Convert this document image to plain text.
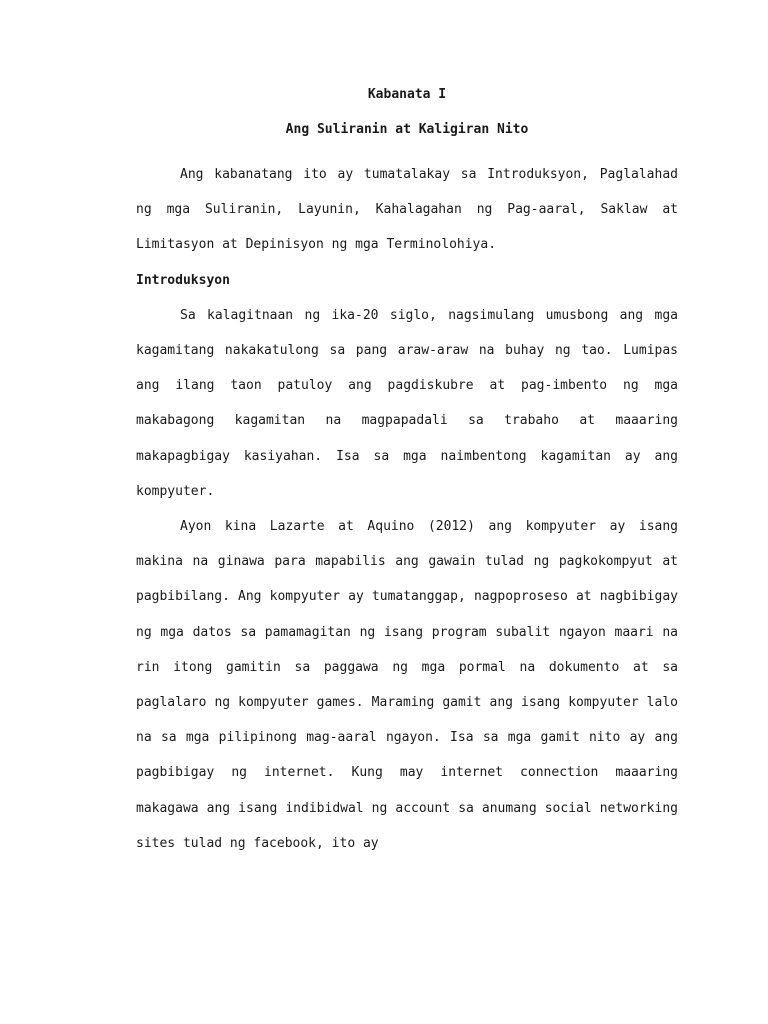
Kabanata I

Ang Suliranin at Kaligiran Nito

Ang kabanatang ito ay tumatalakay sa Introduksyon, Paglalahad ng mga Suliranin, Layunin, Kahalagahan ng Pag-aaral, Saklaw at Limitasyon at Depinisyon ng mga Terminolohiya.

Introduksyon

Sa kalagitnaan ng ika-20 siglo, nagsimulang umusbong ang mga kagamitang nakakatulong sa pang araw-araw na buhay ng tao. Lumipas ang ilang taon patuloy ang pagdiskubre at pag-imbento ng mga makabagong kagamitan na magpapadali sa trabaho at maaaring makapagbigay kasiyahan. Isa sa mga naimbentong kagamitan ay ang kompyuter.

Ayon kina Lazarte at Aquino (2012) ang kompyuter ay isang makina na ginawa para mapabilis ang gawain tulad ng pagkokompyut at pagbibilang. Ang kompyuter ay tumatanggap, nagpoproseso at nagbibigay ng mga datos sa pamamagitan ng isang program subalit ngayon maari na rin itong gamitin sa paggawa ng mga pormal na dokumento at sa paglalaro ng kompyuter games. Maraming gamit ang isang kompyuter lalo na sa mga pilipinong mag-aaral ngayon. Isa sa mga gamit nito ay ang pagbibigay ng internet. Kung may internet connection maaaring makagawa ang isang indibidwal ng account sa anumang social networking sites tulad ng facebook, ito ay
